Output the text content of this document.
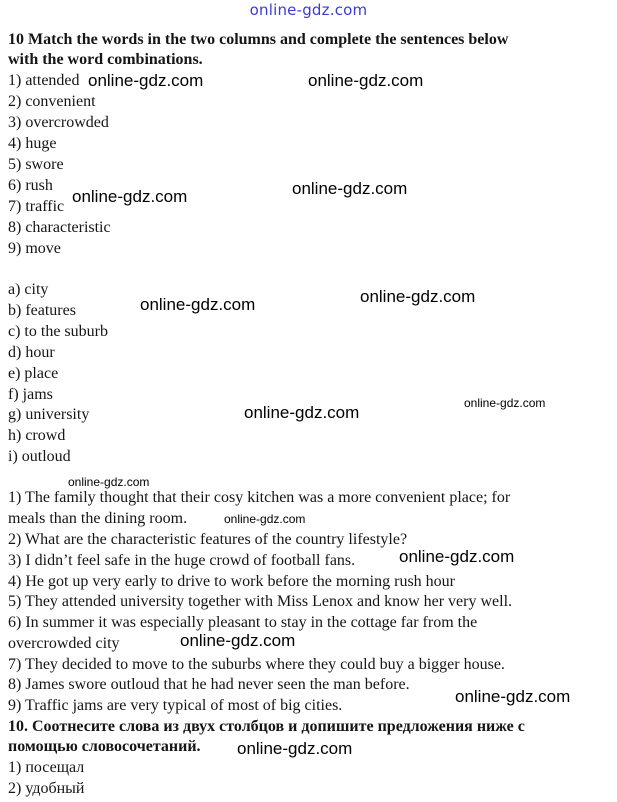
online-gdz.com
10 Match the words in the two columns and complete the sentences below
with the word combinations.
1) attended
2) convenient
3) overcrowded
4) huge
5) swore
6) rush
7) traffic
8) characteristic
9) move
a) city
b) features
c) to the suburb
d) hour
e) place
f) jams
g) university
h) crowd
i) outloud
1) The family thought that their cosy kitchen was a more convenient place; for
meals than the dining room.
2) What are the characteristic features of the country lifestyle?
3) I didn’t feel safe in the huge crowd of football fans.
4) He got up very early to drive to work before the morning rush hour
5) They attended university together with Miss Lenox and know her very well.
6) In summer it was especially pleasant to stay in the cottage far from the
overcrowded city
7) They decided to move to the suburbs where they could buy a bigger house.
8) James swore outloud that he had never seen the man before.
9) Traffic jams are very typical of most of big cities.
10. Соотнесите слова из двух столбцов и допишите предложения ниже с
помощью словосочетаний.
1) посещал
2) удобный
online-gdz.com	online-gdz.com
online-gdz.com
online-gdz.com
online-gdz.com
online-gdz.com
online-gdz.com
online-gdz.com
online-gdz.com
online-gdz.com
online-gdz.com
online-gdz.com
online-gdz.com
online-gdz.com
